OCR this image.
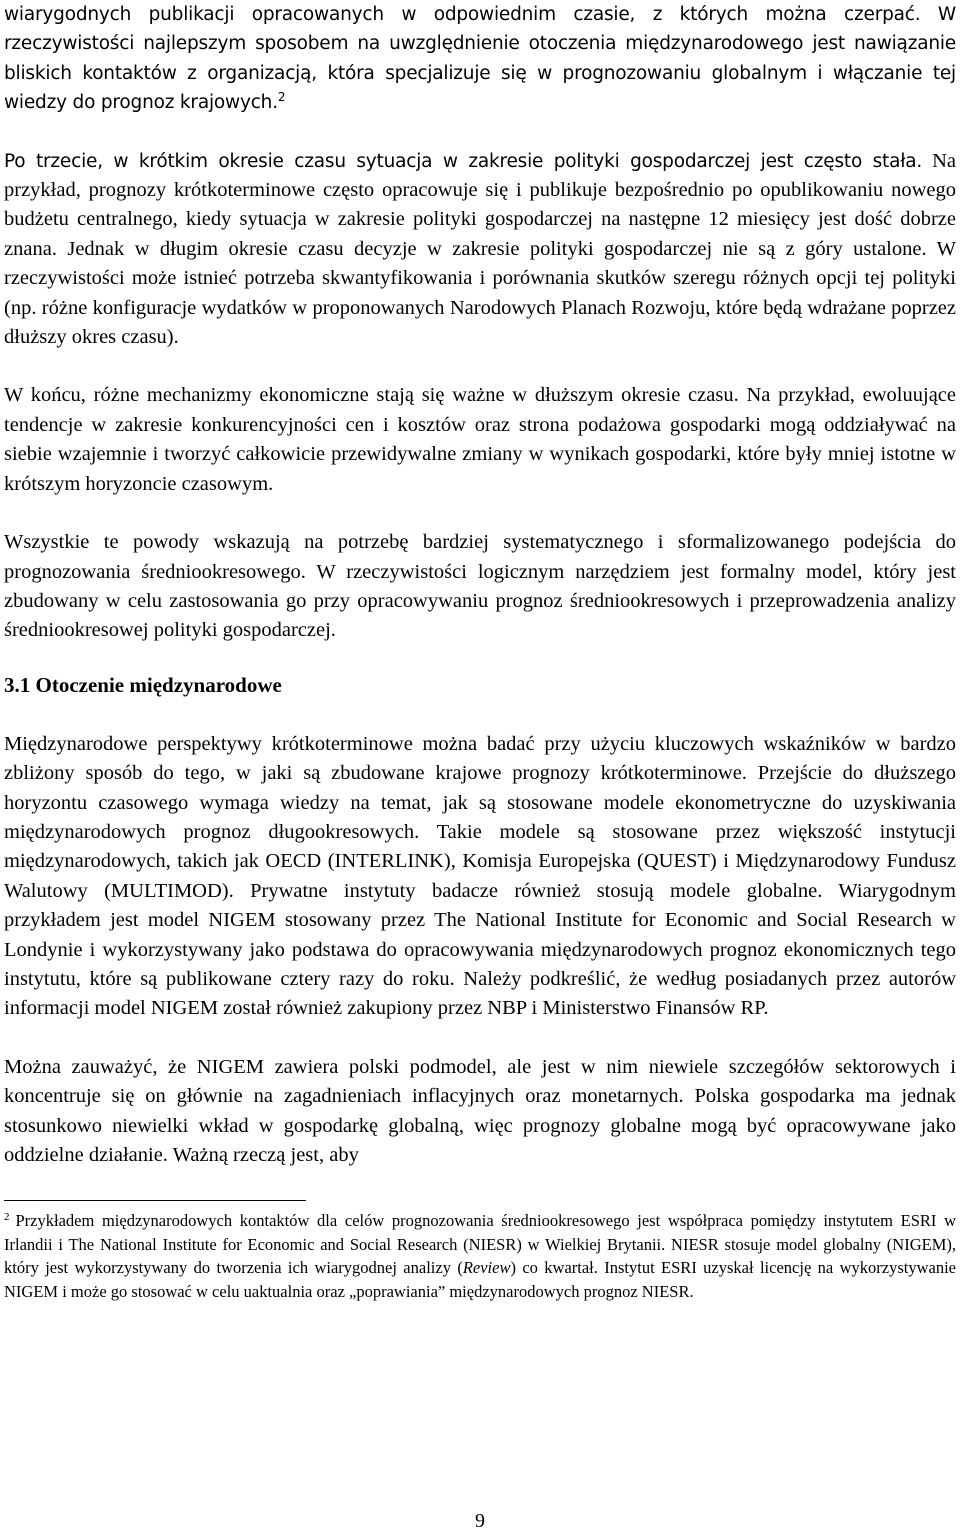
wiarygodnych publikacji opracowanych w odpowiednim czasie, z których można czerpać. W rzeczywistości najlepszym sposobem na uwzględnienie otoczenia międzynarodowego jest nawiązanie bliskich kontaktów z organizacją, która specjalizuje się w prognozowaniu globalnym i włączanie tej wiedzy do prognoz krajowych.$^2$

Po trzecie, w krótkim okresie czasu sytuacja w zakresie polityki gospodarczej jest często stała. Na przykład, prognozy krótkoterminowe często opracowuje się i publikuje bezpośrednio po opublikowaniu nowego budżetu centralnego, kiedy sytuacja w zakresie polityki gospodarczej na następne 12 miesięcy jest dość dobrze znana. Jednak w długim okresie czasu decyzje w zakresie polityki gospodarczej nie są z góry ustalone. W rzeczywistości może istnieć potrzeba skwantyfikowania i porównania skutków szeregu różnych opcji tej polityki (np. różne konfiguracje wydatków w proponowanych Narodowych Planach Rozwoju, które będą wdrażane poprzez dłuższy okres czasu).

W końcu, różne mechanizmy ekonomiczne stają się ważne w dłuższym okresie czasu. Na przykład, ewoluujące tendencje w zakresie konkurencyjności cen i kosztów oraz strona podażowa gospodarki mogą oddziaływać na siebie wzajemnie i tworzyć całkowicie przewidywalne zmiany w wynikach gospodarki, które były mniej istotne w krótszym horyzoncie czasowym.

Wszystkie te powody wskazują na potrzebę bardziej systematycznego i sformalizowanego podejścia do prognozowania średniookresowego. W rzeczywistości logicznym narzędziem jest formalny model, który jest zbudowany w celu zastosowania go przy opracowywaniu prognoz średniookresowych i przeprowadzenia analizy średniookresowej polityki gospodarczej.

3.1 Otoczenie międzynarodowe

Międzynarodowe perspektywy krótkoterminowe można badać przy użyciu kluczowych wskaźników w bardzo zbliżony sposób do tego, w jaki są zbudowane krajowe prognozy krótkoterminowe. Przejście do dłuższego horyzontu czasowego wymaga wiedzy na temat, jak są stosowane modele ekonometryczne do uzyskiwania międzynarodowych prognoz długookresowych. Takie modele są stosowane przez większość instytucji międzynarodowych, takich jak OECD (INTERLINK), Komisja Europejska (QUEST) i Międzynarodowy Fundusz Walutowy (MULTIMOD). Prywatne instytuty badacze również stosują modele globalne. Wiarygodnym przykładem jest model NIGEM stosowany przez The National Institute for Economic and Social Research w Londynie i wykorzystywany jako podstawa do opracowywania międzynarodowych prognoz ekonomicznych tego instytutu, które są publikowane cztery razy do roku. Należy podkreślić, że według posiadanych przez autorów informacji model NIGEM został również zakupiony przez NBP i Ministerstwo Finansów RP.

Można zauważyć, że NIGEM zawiera polski podmodel, ale jest w nim niewiele szczegółów sektorowych i koncentruje się on głównie na zagadnieniach inflacyjnych oraz monetarnych. Polska gospodarka ma jednak stosunkowo niewielki wkład w gospodarkę globalną, więc prognozy globalne mogą być opracowywane jako oddzielne działanie. Ważną rzeczą jest, aby

$^2$ Przykładem międzynarodowych kontaktów dla celów prognozowania średniookresowego jest współpraca pomiędzy instytutem ESRI w Irlandii i The National Institute for Economic and Social Research (NIESR) w Wielkiej Brytanii. NIESR stosuje model globalny (NIGEM), który jest wykorzystywany do tworzenia ich wiarygodnej analizy (Review) co kwartał. Instytut ESRI uzyskał licencję na wykorzystywanie NIGEM i może go stosować w celu uaktualnia oraz „poprawiania” międzynarodowych prognoz NIESR.

9
